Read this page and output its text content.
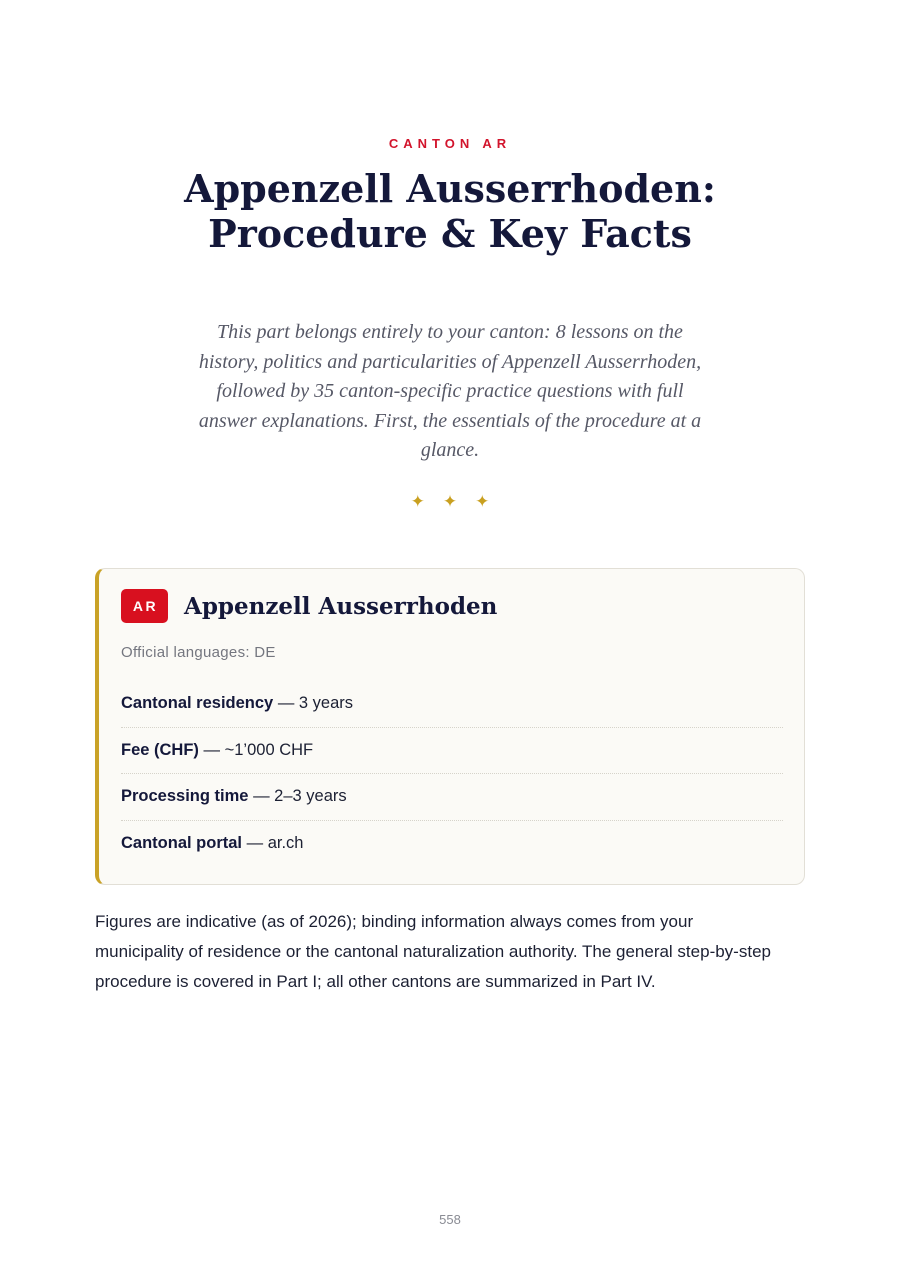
CANTON AR
Appenzell Ausserrhoden: Procedure & Key Facts

This part belongs entirely to your canton: 8 lessons on the history, politics and particularities of Appenzell Ausserrhoden, followed by 35 canton-specific practice questions with full answer explanations. First, the essentials of the procedure at a glance.

✦✦✦
AR	Appenzell Ausserrhoden
Official languages: DE
Cantonal residency — 3 years
Fee (CHF) — ~1’000 CHF
Processing time — 2–3 years
Cantonal portal — ar.ch

Figures are indicative (as of 2026); binding information always comes from your municipality of residence or the cantonal naturalization authority. The general step-by-step procedure is covered in Part I; all other cantons are summarized in Part IV.

558
